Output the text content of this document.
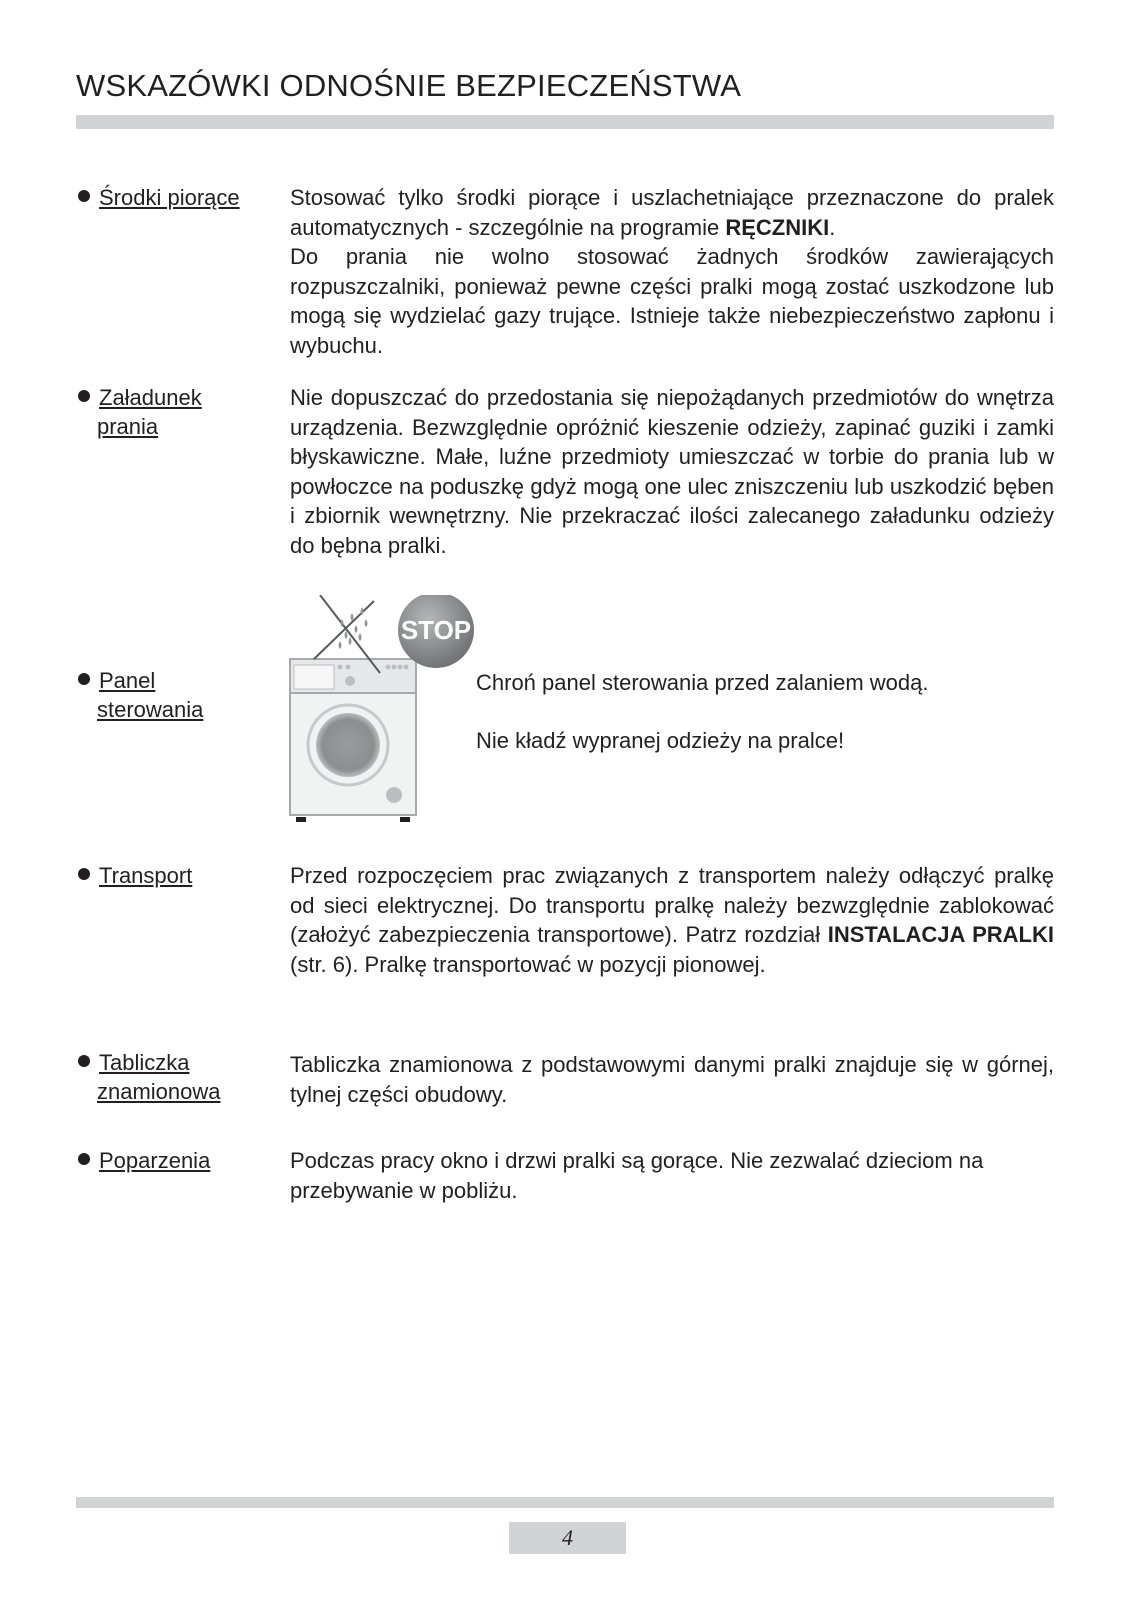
WSKAZÓWKI ODNOŚNIE BEZPIECZEŃSTWA
Środki piorące Stosować tylko środki piorące i uszlachetniające przeznaczone do pralek automatycznych - szczególnie na programie RĘCZNIKI.

Do prania nie wolno stosować żadnych środków zawierających rozpuszczalniki, ponieważ pewne części pralki mogą zostać uszkodzone lub mogą się wydzielać gazy trujące. Istnieje także niebezpieczeństwo zapłonu i wybuchu.

Załadunek
prania

Nie dopuszczać do przedostania się niepożądanych przedmiotów do wnętrza urządzenia. Bezwzględnie opróżnić kieszenie odzieży, zapinać guziki i zamki błyskawiczne. Małe, luźne przedmioty umieszczać w torbie do prania lub w powłoczce na poduszkę gdyż mogą one ulec zniszczeniu lub uszkodzić bęben i zbiornik wewnętrzny. Nie przekraczać ilości zalecanego załadunku odzieży do bębna pralki.

STOP
Panel
sterowania

Chroń panel sterowania przed zalaniem wodą.

Nie kładź wypranej odzieży na pralce!

Transport	Przed rozpoczęciem prac związanych z transportem należy odłączyć pralkę od sieci elektrycznej. Do transportu pralkę należy bezwzględnie zablokować (założyć zabezpieczenia transportowe). Patrz rozdział INSTALACJA PRALKI (str. 6). Pralkę transportować w pozycji pionowej.

Tabliczka
znamionowa

Tabliczka znamionowa z podstawowymi danymi pralki znajduje się w górnej, tylnej części obudowy.

Poparzenia	Podczas pracy okno i drzwi pralki są gorące. Nie zezwalać dzieciom na przebywanie w pobliżu.

4
